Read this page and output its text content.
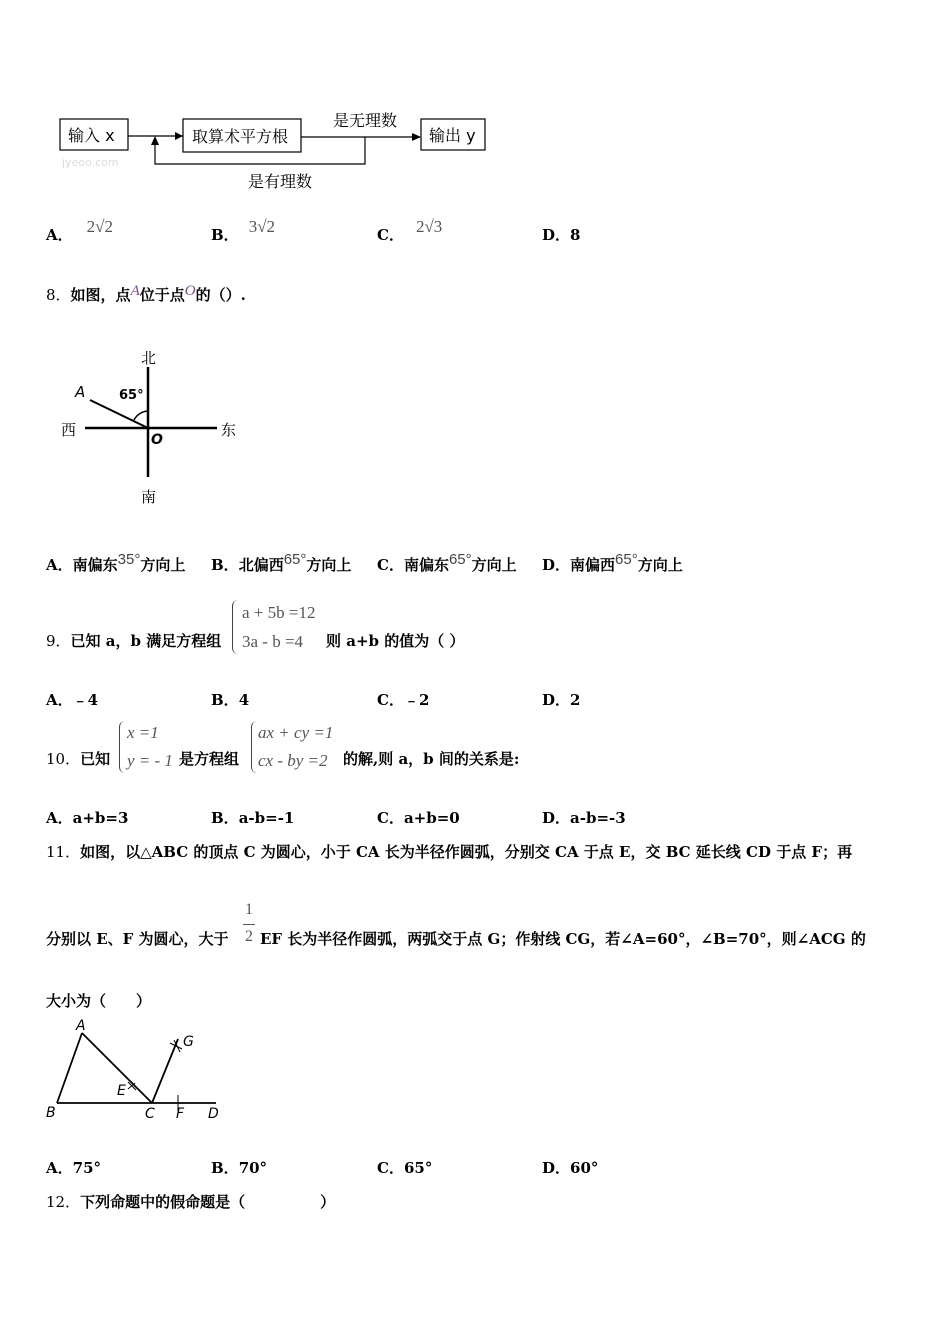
输入 x	取算术平方根
是无理数
输出 y
是有理数
jyeoo.com
A． 2√2	B． 3√2	C． 2√3	D．8
8．如图，点A位于点O的（）.
北
南
西	东
65°
A
O
A．南偏东35°方向上 B．北偏西65°方向上 C．南偏东65°方向上 D．南偏西65°方向上
9．已知 a，b 满足方程组
a + 5b =12
3a - b =4 则 a+b 的值为（ ）
A．﹣4	B．4	C．﹣2	D．2
10．已知
x =1
y = - 1 是方程组
ax + cy =1
cx - by =2 的解,则 a，b 间的关系是:
A．a+b=3	B．a-b=-1	C．a+b=0	D．a-b=-3
11．如图，以△ABC 的顶点 C 为圆心，小于 CA 长为半径作圆弧，分别交 CA 于点 E，交 BC 延长线 CD 于点 F；再
分别以 E、F 为圆心，大于
1
2 EF 长为半径作圆弧，两弧交于点 G；作射线 CG，若∠A=60°，∠B=70°，则∠ACG 的
大小为（　　）
A
B	C	D
E
F
G
A．75°	B．70°	C．65°	D．60°
12．下列命题中的假命题是（　　　　　）
